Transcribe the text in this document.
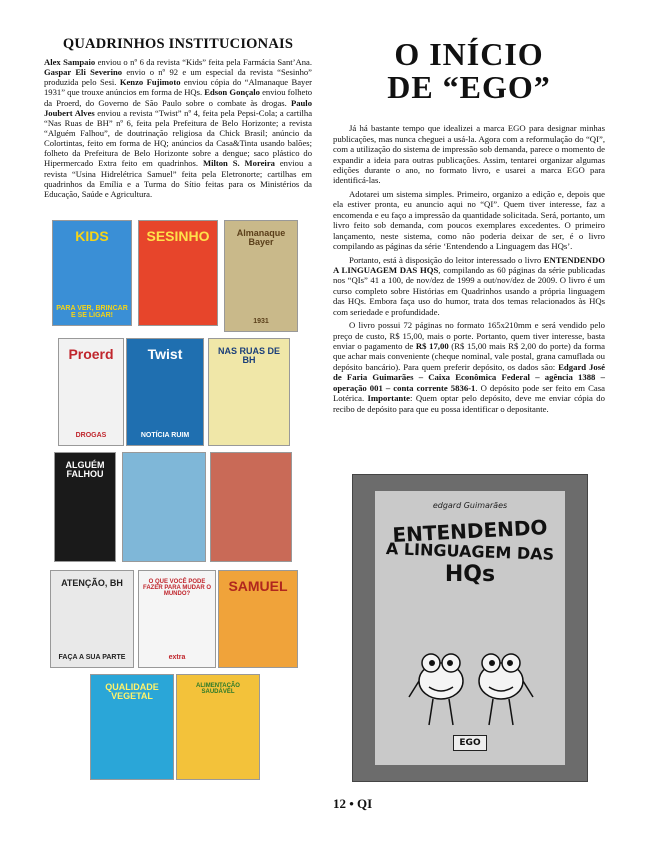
QUADRINHOS INSTITUCIONAIS

Alex Sampaio enviou o nº 6 da revista “Kids” feita pela Farmácia Sant’Ana. Gaspar Eli Severino envio o nº 92 e um especial da revista “Sesinho” produzida pelo Sesi. Kenzo Fujimoto enviou cópia do “Almanaque Bayer 1931” que trouxe anúncios em forma de HQs. Edson Gonçalo enviou folheto da Proerd, do Governo de São Paulo sobre o combate às drogas. Paulo Joubert Alves enviou a revista “Twist” nº 4, feita pela Pepsi-Cola; a cartilha “Nas Ruas de BH” nº 6, feita pela Prefeitura de Belo Horizonte; a revista “Alguém Falhou”, de doutrinação religiosa da Chick Brasil; anúncio da Colortintas, feito em forma de HQ; anúncios da Casa&Tinta usando balões; folheto da Prefeitura de Belo Horizonte sobre a dengue; saco plástico do Hipermercado Extra feito em quadrinhos. Milton S. Moreira enviou a revista “Usina Hidrelétrica Samuel” feita pela Eletronorte; cartilhas em quadrinhos da Emília e a Turma do Sítio feitas para os Ministérios da Educação, Saúde e Agricultura.

KIDS
PARA VER, BRINCAR E SE LIGAR!
SESINHO	Almanaque Bayer
1931
Proerd
DROGAS
Twist
NOTÍCIA RUIM
NAS RUAS DE BH
ALGUÉM FALHOU
ATENÇÃO, BH
FAÇA A SUA PARTE
O QUE VOCÊ PODE FAZER PARA MUDAR O MUNDO?
extra
SAMUEL
QUALIDADE VEGETAL
ALIMENTAÇÃO SAUDÁVEL
O INÍCIO
DE “EGO”

Já há bastante tempo que idealizei a marca EGO para designar minhas publicações, mas nunca cheguei a usá-la. Agora com a reformulação do “QI”, com a utilização do sistema de impressão sob demanda, parece o momento de expandir a ideia para outras publicações. Assim, tentarei organizar algumas edições durante o ano, no formato livro, e usarei a marca EGO para identificá-las.

Adotarei um sistema simples. Primeiro, organizo a edição e, depois que ela estiver pronta, eu anuncio aqui no “QI”. Quem tiver interesse, faz a encomenda e eu faço a impressão da quantidade solicitada. Será, portanto, um livro feito sob demanda, com poucos exemplares excedentes. O primeiro lançamento, neste sistema, como não poderia deixar de ser, é o livro compilando as páginas da série ‘Entendendo a Linguagem das HQs’.

Portanto, está à disposição do leitor interessado o livro ENTENDENDO A LINGUAGEM DAS HQS, compilando as 60 páginas da série publicadas nos “QIs” 41 a 100, de nov/dez de 1999 a out/nov/dez de 2009. O livro é um curso completo sobre Histórias em Quadrinhos usando a própria linguagem das HQs. Embora faça uso do humor, trata dos temas relacionados às HQs com seriedade e profundidade.

O livro possui 72 páginas no formato 165x210mm e será vendido pelo preço de custo, R$ 15,00, mais o porte. Portanto, quem tiver interesse, basta enviar o pagamento de R$ 17,00 (R$ 15,00 mais R$ 2,00 do porte) da forma que achar mais conveniente (cheque nominal, vale postal, grana camuflada ou depósito bancário). Para quem preferir depósito, os dados são: Edgard José de Faria Guimarães – Caixa Econômica Federal – agência 1388 – operação 001 – conta corrente 5836-1. O depósito pode ser feito em Casa Lotérica. Importante: Quem optar pelo depósito, deve me enviar cópia do recibo de depósito para que eu possa identificar o depositante.

edgard Guimarães
ENTENDENDO
A LINGUAGEM DAS
HQs
EGO
12 • QI
